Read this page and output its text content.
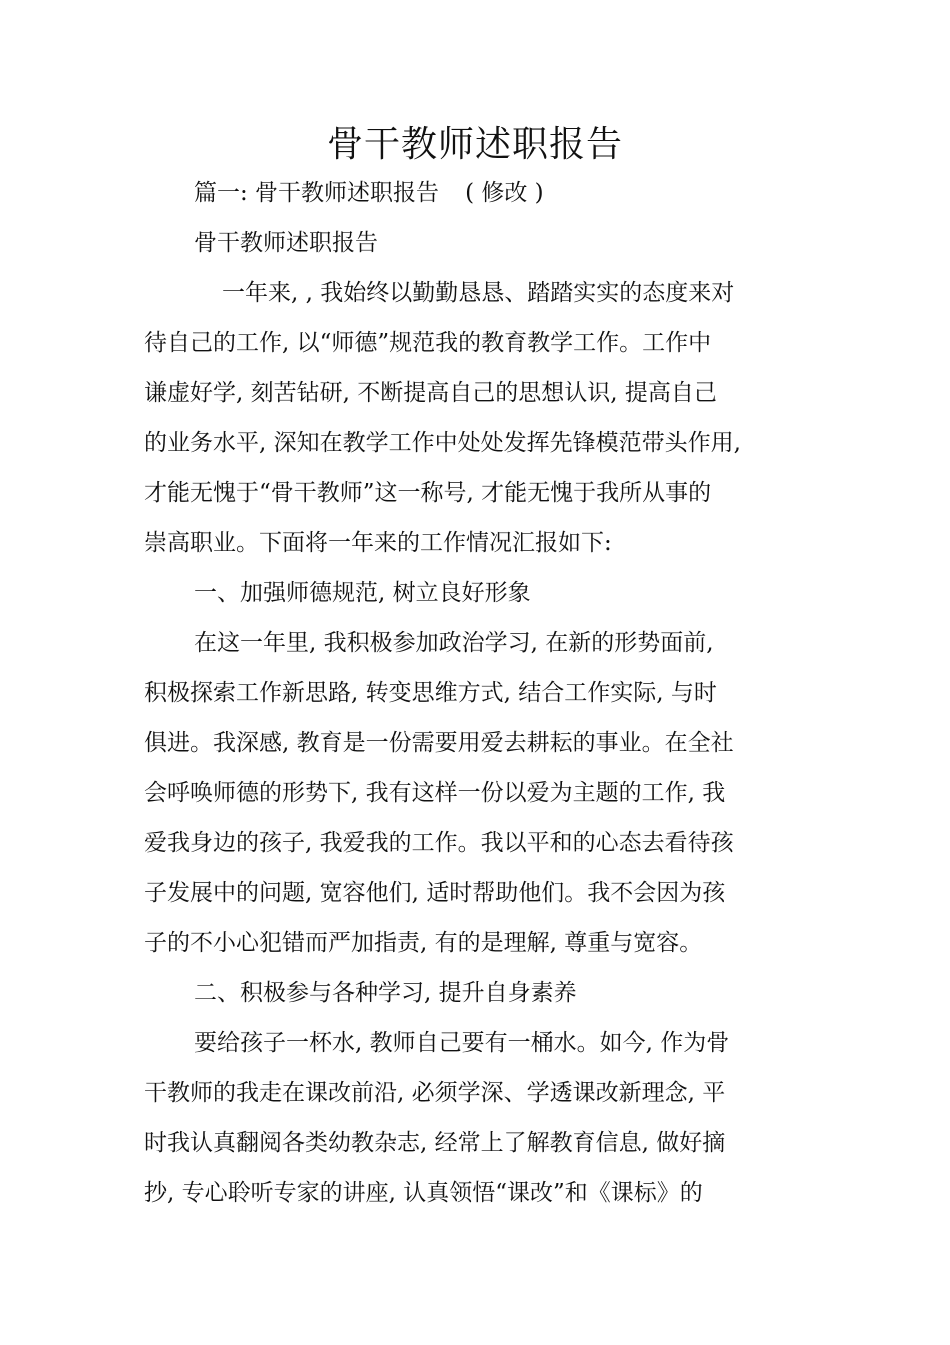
骨干教师述职报告
篇一: 骨干教师述职报告 ( 修改 )
骨干教师述职报告
一年来, , 我始终以勤勤恳恳、踏踏实实的态度来对
待自己的工作, 以“师德”规范我的教育教学工作。工作中
谦虚好学, 刻苦钻研, 不断提高自己的思想认识, 提高自己
的业务水平, 深知在教学工作中处处发挥先锋模范带头作用,
才能无愧于“骨干教师”这一称号, 才能无愧于我所从事的
崇高职业。下面将一年来的工作情况汇报如下:
一、加强师德规范, 树立良好形象
在这一年里, 我积极参加政治学习, 在新的形势面前,
积极探索工作新思路, 转变思维方式, 结合工作实际, 与时
俱进。我深感, 教育是一份需要用爱去耕耘的事业。在全社
会呼唤师德的形势下, 我有这样一份以爱为主题的工作, 我
爱我身边的孩子, 我爱我的工作。我以平和的心态去看待孩
子发展中的问题, 宽容他们, 适时帮助他们。我不会因为孩
子的不小心犯错而严加指责, 有的是理解, 尊重与宽容。
二、积极参与各种学习, 提升自身素养
要给孩子一杯水, 教师自己要有一桶水。如今, 作为骨
干教师的我走在课改前沿, 必须学深、学透课改新理念, 平
时我认真翻阅各类幼教杂志, 经常上了解教育信息, 做好摘
抄, 专心聆听专家的讲座, 认真领悟“课改”和《课标》的
